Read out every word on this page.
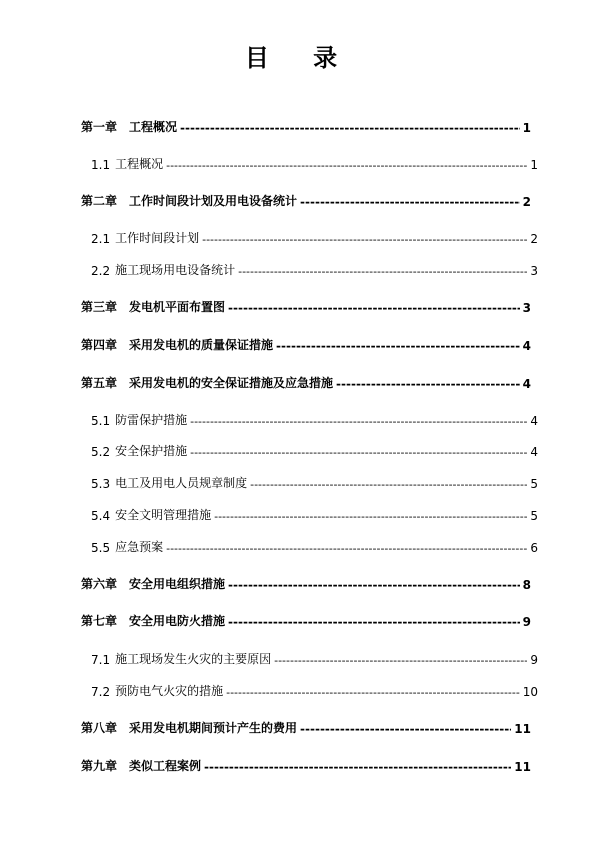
目 录
第一章 工程概况 -----	1
1.1 工程概况 -----	1
第二章 工作时间段计划及用电设备统计 -----	2
2.1 工作时间段计划 -----	2
2.2 施工现场用电设备统计 -----	3
第三章 发电机平面布置图 -----	3
第四章 采用发电机的质量保证措施 -----	4
第五章 采用发电机的安全保证措施及应急措施 -----	4
5.1 防雷保护措施 -----	4
5.2 安全保护措施 -----	4
5.3 电工及用电人员规章制度 -----	5
5.4 安全文明管理措施 -----	5
5.5 应急预案 -----	6
第六章 安全用电组织措施 -----	8
第七章 安全用电防火措施 -----	9
7.1 施工现场发生火灾的主要原因 -----	9
7.2 预防电气火灾的措施 -----	10
第八章 采用发电机期间预计产生的费用 -----	11
第九章 类似工程案例 -----	11
